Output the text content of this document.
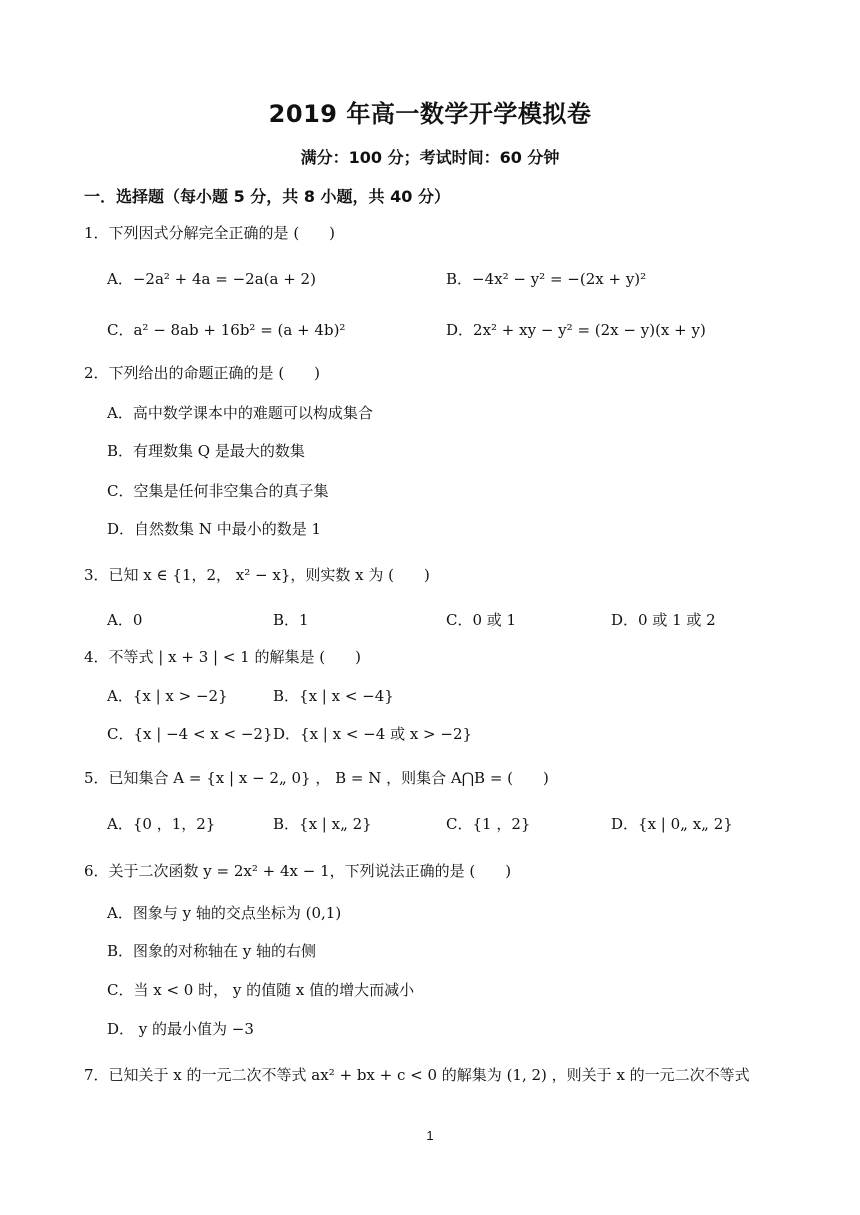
2019 年高一数学开学模拟卷
满分：100 分；考试时间：60 分钟
一．选择题（每小题 5 分，共 8 小题，共 40 分）
1．下列因式分解完全正确的是 (　　)
A．−2a² + 4a = −2a(a + 2)	B．−4x² − y² = −(2x + y)²
C．a² − 8ab + 16b² = (a + 4b)²	D．2x² + xy − y² = (2x − y)(x + y)
2．下列给出的命题正确的是 (　　)
A．高中数学课本中的难题可以构成集合
B．有理数集 Q 是最大的数集
C．空集是任何非空集合的真子集
D．自然数集 N 中最小的数是 1
3．已知 x ∈ {1，2， x² − x}，则实数 x 为 (　　)
A．0	B．1	C．0 或 1	D．0 或 1 或 2
4．不等式 | x + 3 | < 1 的解集是 (　　)
A．{x | x > −2}	B．{x | x < −4}
C．{x | −4 < x < −2} D．{x | x < −4 或 x > −2}
5．已知集合 A = {x | x − 2„ 0} ， B = N ，则集合 A⋂B = (　　)
A．{0 ，1，2}	B．{x | x„ 2}	C．{1 ，2}	D．{x | 0„ x„ 2}
6．关于二次函数 y = 2x² + 4x − 1，下列说法正确的是 (　　)
A．图象与 y 轴的交点坐标为 (0,1)
B．图象的对称轴在 y 轴的右侧
C．当 x < 0 时， y 的值随 x 值的增大而减小
D． y 的最小值为 −3
7．已知关于 x 的一元二次不等式 ax² + bx + c < 0 的解集为 (1, 2) ，则关于 x 的一元二次不等式
1
